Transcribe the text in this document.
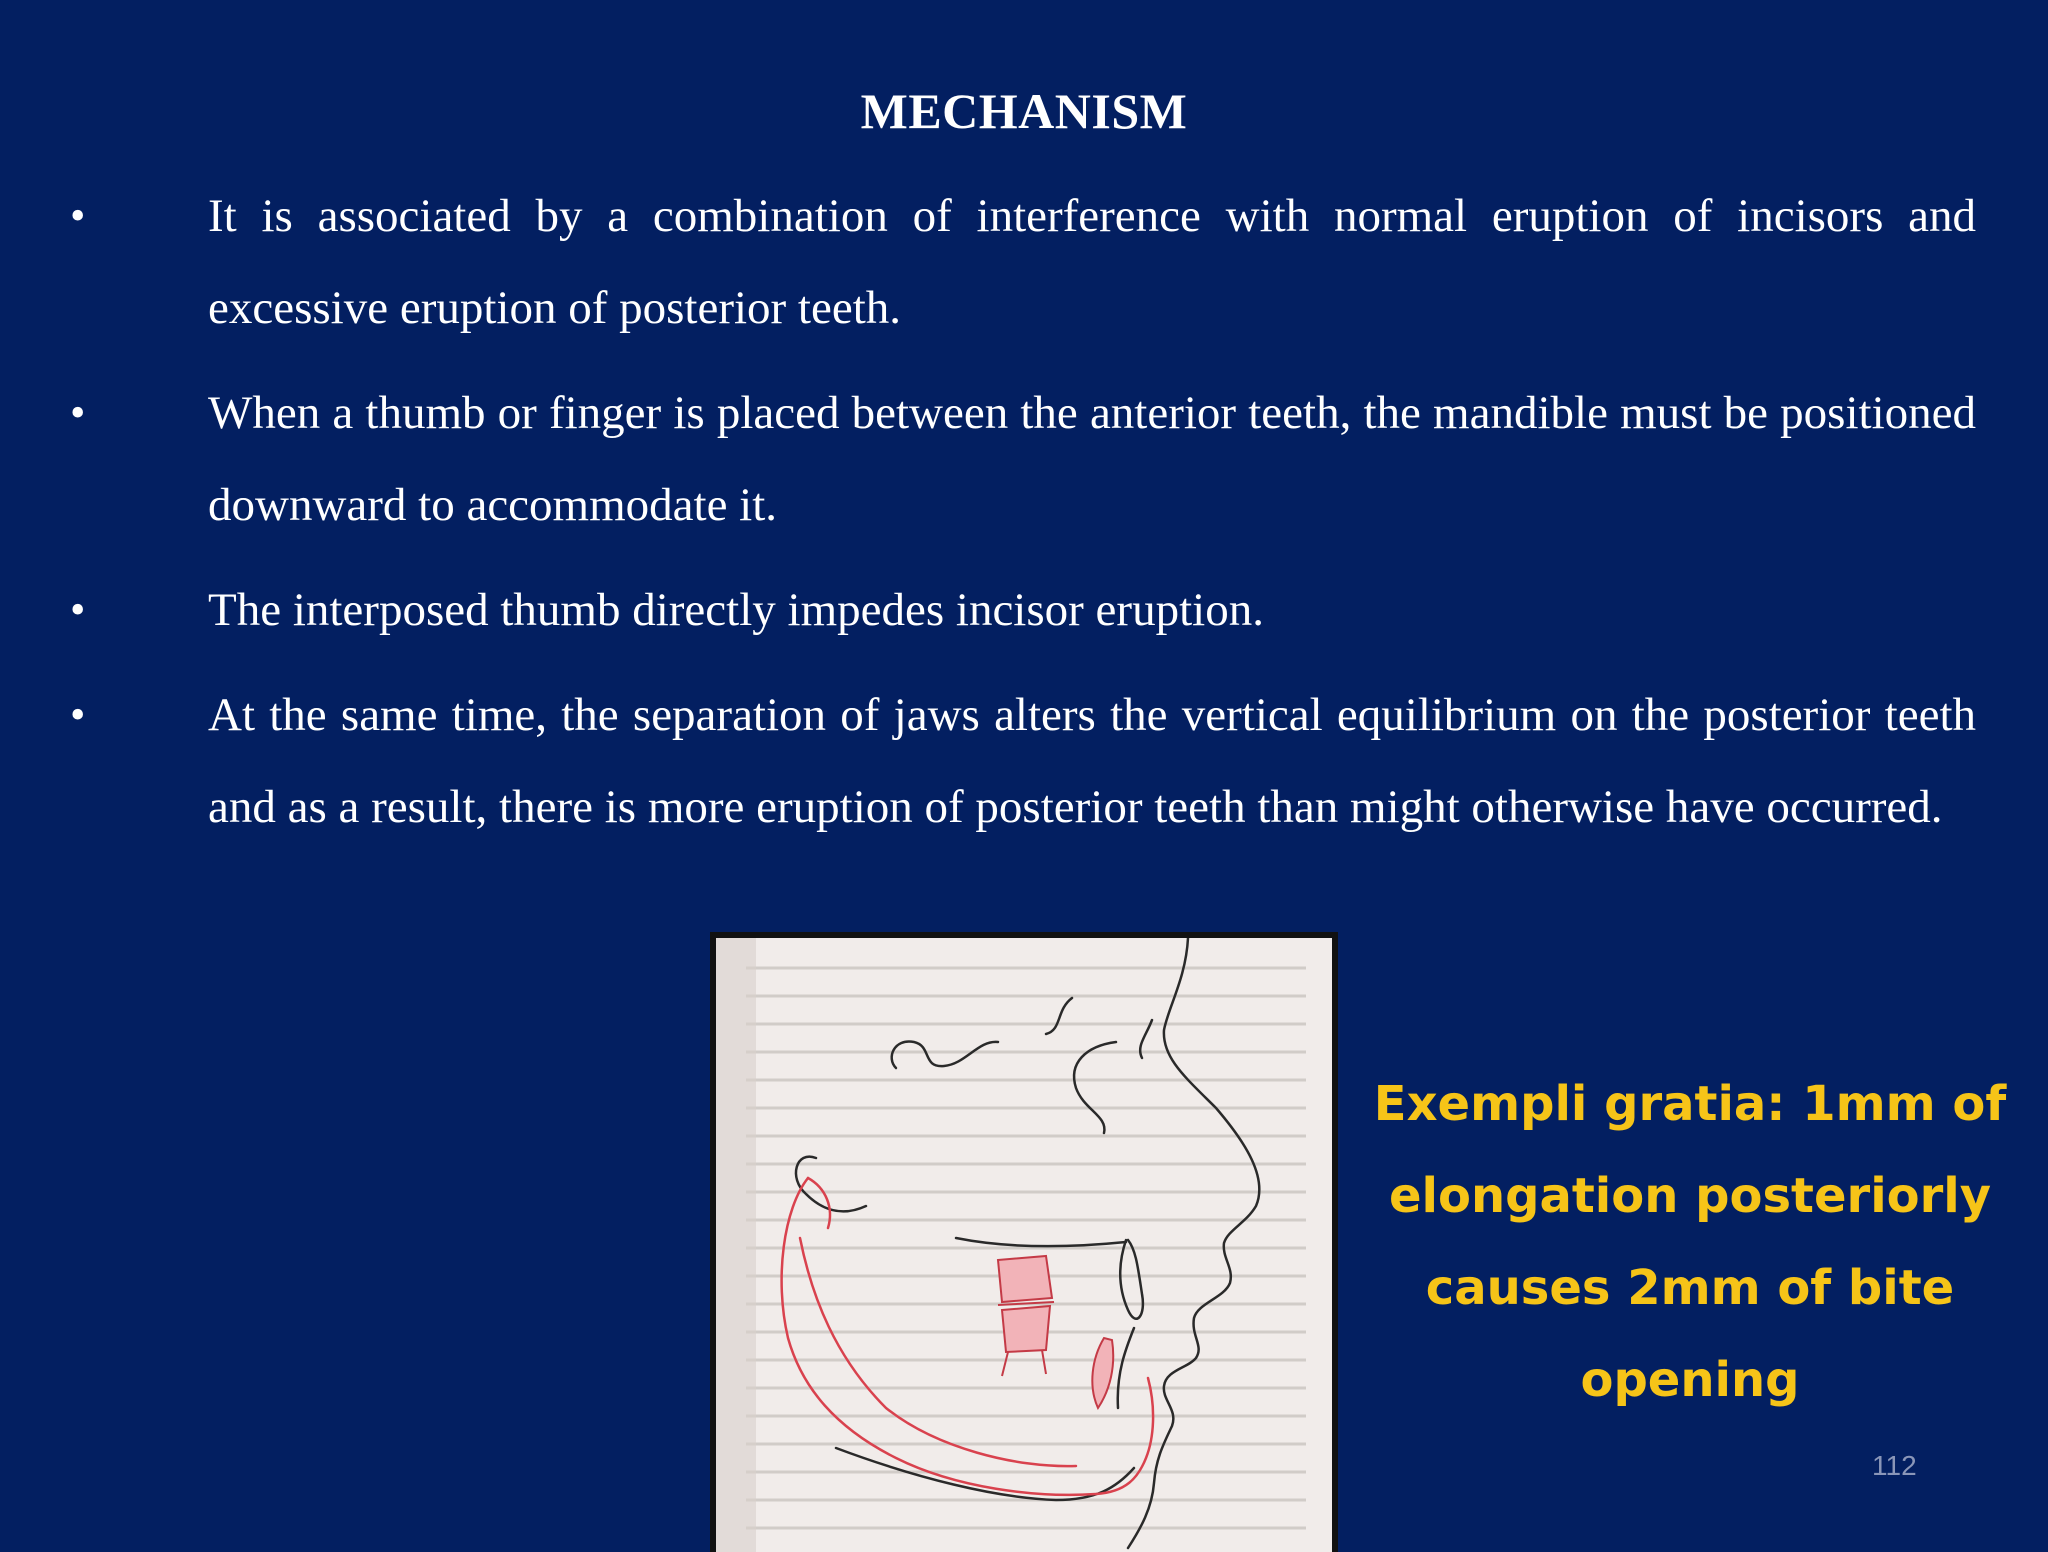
MECHANISM
•	It is associated by a combination of interference with normal eruption of incisors and excessive eruption of posterior teeth.
•	When a thumb or finger is placed between the anterior teeth, the mandible must be positioned downward to accommodate it.
•	The interposed thumb directly impedes incisor eruption.
•	At the same time, the separation of jaws alters the vertical equilibrium on the posterior teeth and as a result, there is more eruption of posterior teeth than might otherwise have occurred.
Exempli gratia: 1mm of elongation posteriorly causes 2mm of bite opening
112
